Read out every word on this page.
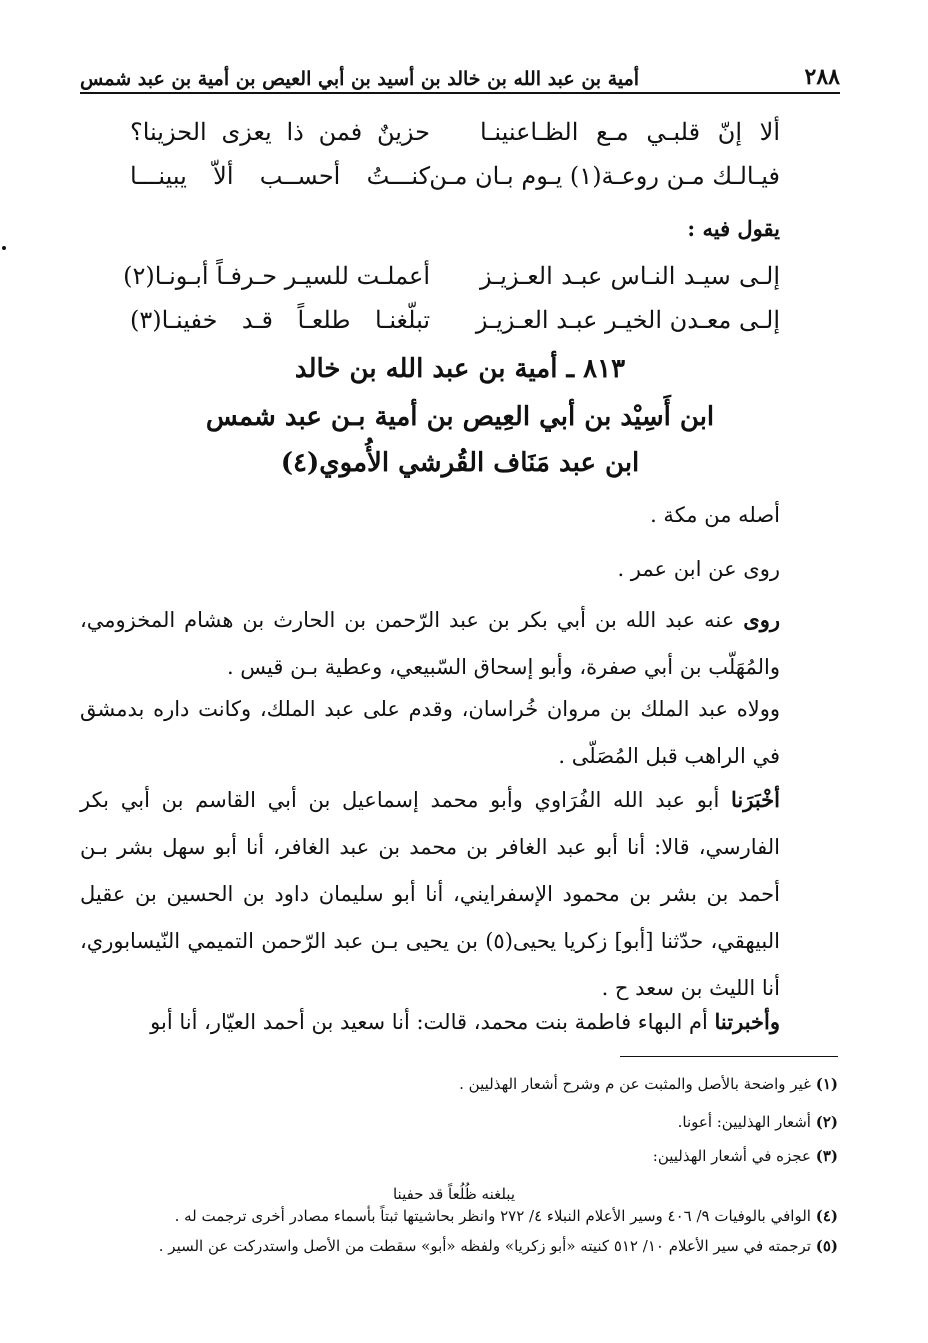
٢٨٨
أمية بن عبد الله بن خالد بن أسيد بن أبي العيص بن أمية بن عبد شمس
ألا إنّ قلبـي مـع الظـاعنينـا
حزينٌ فمن ذا يعزى الحزينا؟
فيـالـك مـن روعـة(١) يـوم بـان مـن
كنـــتُ أحســب ألاّ يبينـــا
يقول فيه :
إلـى سيـد النـاس عبـد العـزيـز
أعملـت للسيـر حـرفـاً أبـونـا(٢)
إلـى معـدن الخيـر عبـد العـزيـز
تبلّغنـا طلعـاً قـد خفينـا(٣)
٨١٣ ـ أمية بن عبد الله بن خالد
ابن أَسِيْد بن أبي العِيص بن أمية بـن عبد شمس
ابن عبد مَنَاف القُرشي الأُموي(٤)
أصله من مكة .
روى عن ابن عمر .
روى عنه عبد الله بن أبي بكر بن عبد الرّحمن بن الحارث بن هشام المخزومي، والمُهَلّب بن أبي صفرة، وأبو إسحاق السّبيعي، وعطية بـن قيس .
وولاه عبد الملك بن مروان خُراسان، وقدم على عبد الملك، وكانت داره بدمشق في الراهب قبل المُصَلّى .
أخْبَرَنا أبو عبد الله الفُرَاوي وأبو محمد إسماعيل بن أبي القاسم بن أبي بكر الفارسي، قالا: أنا أبو عبد الغافر بن محمد بن عبد الغافر، أنا أبو سهل بشر بـن أحمد بن بشر بن محمود الإسفرايني، أنا أبو سليمان داود بن الحسين بن عقيل البيهقي، حدّثنا [أبو] زكريا يحيى(٥) بن يحيى بـن عبد الرّحمن التميمي النّيسابوري، أنا الليث بن سعد ح .
وأخبرتنا أم البهاء فاطمة بنت محمد، قالت: أنا سعيد بن أحمد العيّار، أنا أبو
(١) غير واضحة بالأصل والمثبت عن م وشرح أشعار الهذليين .
(٢) أشعار الهذليين: أعونا.
(٣) عجزه في أشعار الهذليين:
يبلغنه ظُلُعاً قد حفينا
(٤) الوافي بالوفيات ٩/ ٤٠٦ وسير الأعلام النبلاء ٤/ ٢٧٢ وانظر بحاشيتها ثبتاً بأسماء مصادر أخرى ترجمت له .
(٥) ترجمته في سير الأعلام ١٠/ ٥١٢ كنيته «أبو زكريا» ولفظه «أبو» سقطت من الأصل واستدركت عن السير .
